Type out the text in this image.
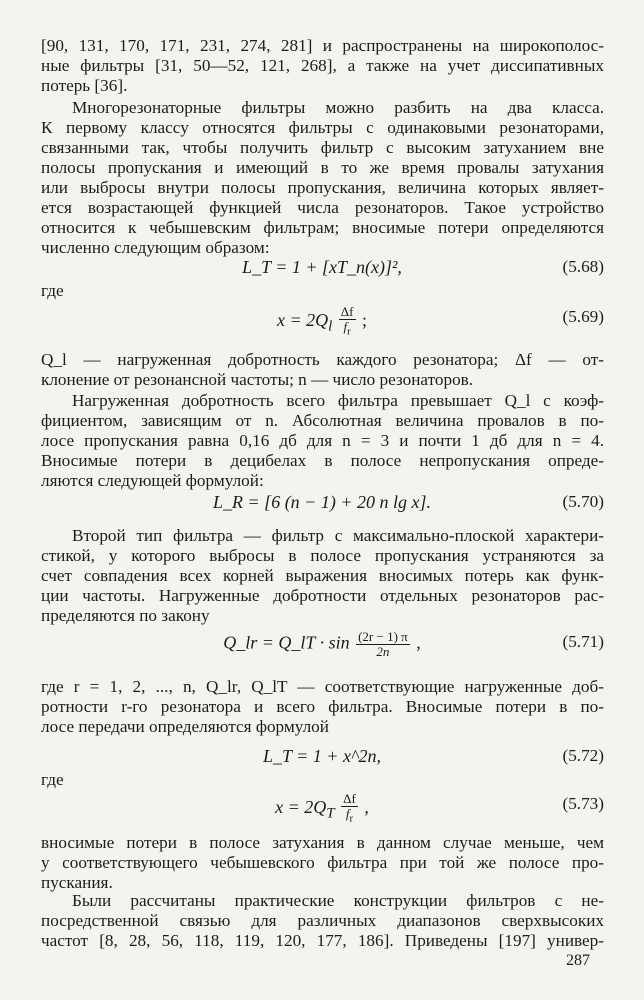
[90, 131, 170, 171, 231, 274, 281] и распространены на широкополос-
ные фильтры [31, 50—52, 121, 268], а также на учет диссипативных
потерь [36].
Многорезонаторные фильтры можно разбить на два класса.
К первому классу относятся фильтры с одинаковыми резонаторами,
связанными так, чтобы получить фильтр с высоким затуханием вне
полосы пропускания и имеющий в то же время провалы затухания
или выбросы внутри полосы пропускания, величина которых являет-
ется возрастающей функцией числа резонаторов. Такое устройство
относится к чебышевским фильтрам; вносимые потери определяются
численно следующим образом:
L_T = 1 + [xT_n(x)]²,	(5.68)
где
$x = 2Q_l \frac{\Delta f}{f_r}$ ;	(5.69)
Q_l — нагруженная добротность каждого резонатора; Δf — от-
клонение от резонансной частоты; n — число резонаторов.
Нагруженная добротность всего фильтра превышает Q_l с коэф-
фициентом, зависящим от n. Абсолютная величина провалов в по-
лосе пропускания равна 0,16 дб для n = 3 и почти 1 дб для n = 4.
Вносимые потери в децибелах в полосе непропускания опреде-
ляются следующей формулой:
L_R = [6 (n − 1) + 20 n lg x].	(5.70)
Второй тип фильтра — фильтр с максимально-плоской характери-
стикой, у которого выбросы в полосе пропускания устраняются за
счет совпадения всех корней выражения вносимых потерь как функ-
ции частоты. Нагруженные добротности отдельных резонаторов рас-
пределяются по закону
Q_lr = Q_lT · $\sin \frac{(2r - 1) \pi}{2n}$ ,	(5.71)
где r = 1, 2, ..., n, Q_lr, Q_lT — соответствующие нагруженные доб-
ротности r-го резонатора и всего фильтра. Вносимые потери в по-
лосе передачи определяются формулой
L_T = 1 + x^2n,	(5.72)
где
$x = 2Q_T \frac{\Delta f}{f_r}$ ,	(5.73)
вносимые потери в полосе затухания в данном случае меньше, чем
у соответствующего чебышевского фильтра при той же полосе про-
пускания.
Были рассчитаны практические конструкции фильтров с не-
посредственной связью для различных диапазонов сверхвысоких
частот [8, 28, 56, 118, 119, 120, 177, 186]. Приведены [197] универ-
287
